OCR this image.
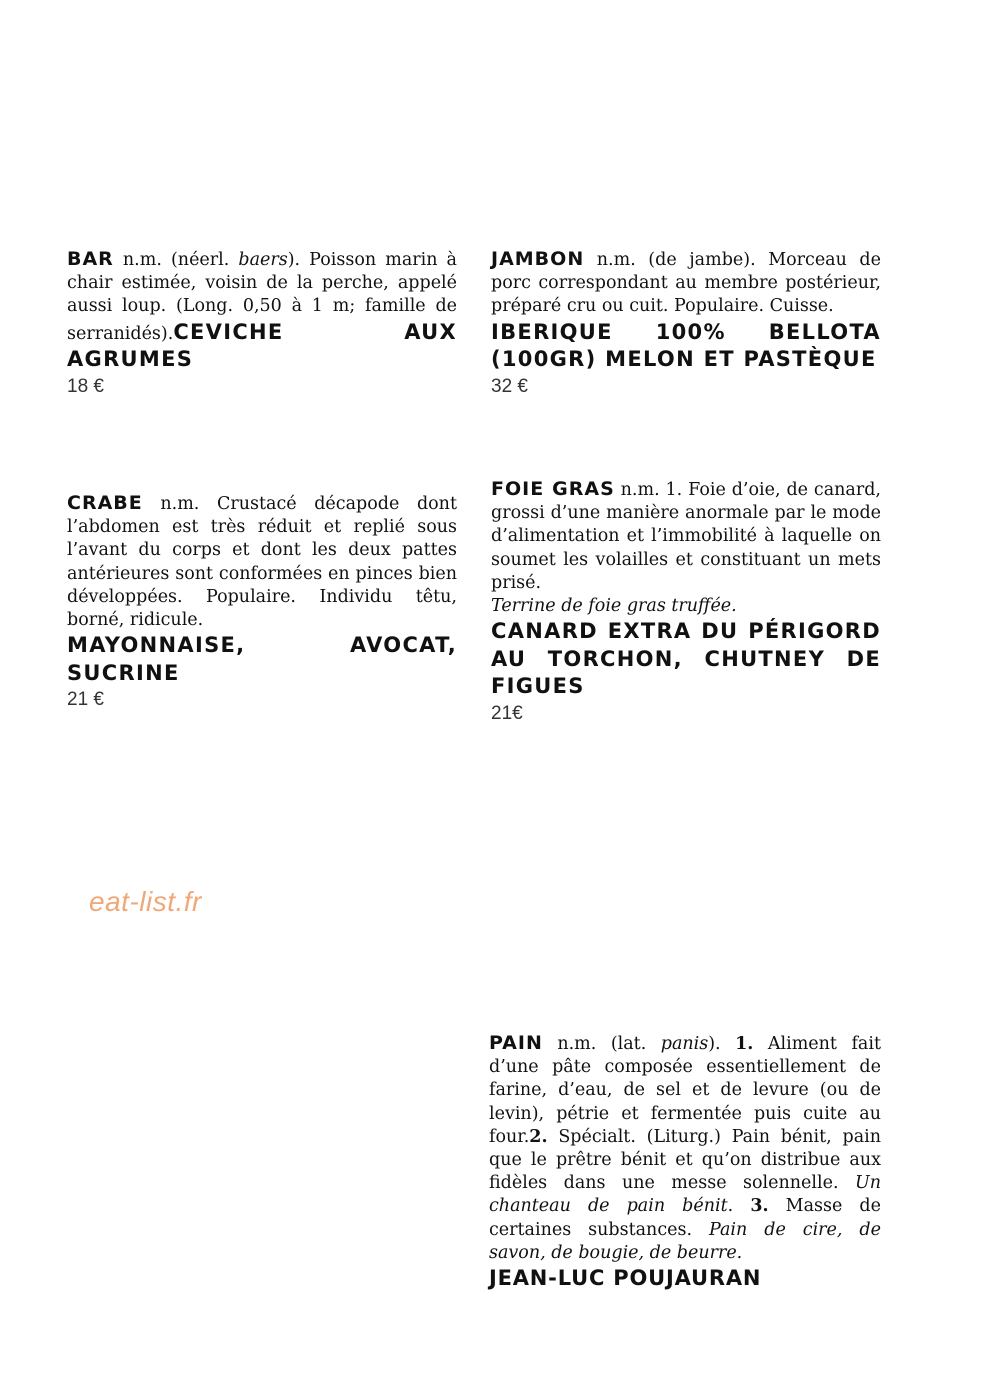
BAR n.m. (néerl. baers). Poisson marin à chair estimée, voisin de la perche, appelé aussi loup. (Long. 0,50 à 1 m; famille de serranidés).CEVICHE AUX AGRUMES
18 €
JAMBON n.m. (de jambe). Morceau de porc correspondant au membre postérieur, préparé cru ou cuit. Populaire. Cuisse.
IBERIQUE 100% BELLOTA (100GR) MELON ET PASTÈQUE
32 €
CRABE n.m. Crustacé décapode dont l’abdomen est très réduit et replié sous l’avant du corps et dont les deux pattes antérieures sont conformées en pinces bien développées. Populaire. Individu têtu, borné, ridicule.
MAYONNAISE, AVOCAT, SUCRINE
21 €
FOIE GRAS n.m. 1. Foie d’oie, de canard, grossi d’une manière anormale par le mode d’alimentation et l’immobilité à laquelle on soumet les volailles et constituant un mets prisé.
Terrine de foie gras truffée.
CANARD EXTRA DU PÉRIGORD AU TORCHON, CHUTNEY DE FIGUES
21€
eat-list.fr
PAIN n.m. (lat. panis). 1. Aliment fait d’une pâte composée essentiellement de farine, d’eau, de sel et de levure (ou de levin), pétrie et fermentée puis cuite au four.2. Spécialt. (Liturg.) Pain bénit, pain que le prêtre bénit et qu’on distribue aux fidèles dans une messe solennelle. Un chanteau de pain bénit. 3. Masse de certaines substances. Pain de cire, de savon, de bougie, de beurre.
JEAN-LUC POUJAURAN
